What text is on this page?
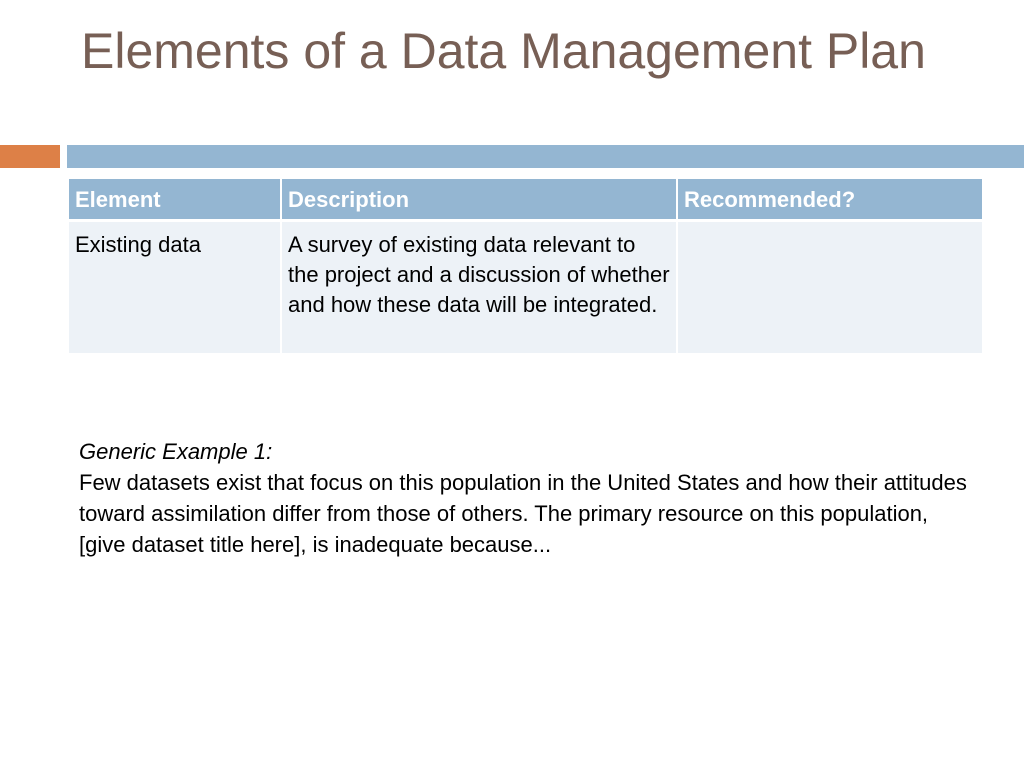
Elements of a Data Management Plan
Element	Description	Recommended?
Existing data	A survey of existing data relevant to the project and a discussion of whether and how these data will be integrated.	
Generic Example 1:
Few datasets exist that focus on this population in the United States and how their attitudes toward assimilation differ from those of others. The primary resource on this population, [give dataset title here], is inadequate because...
